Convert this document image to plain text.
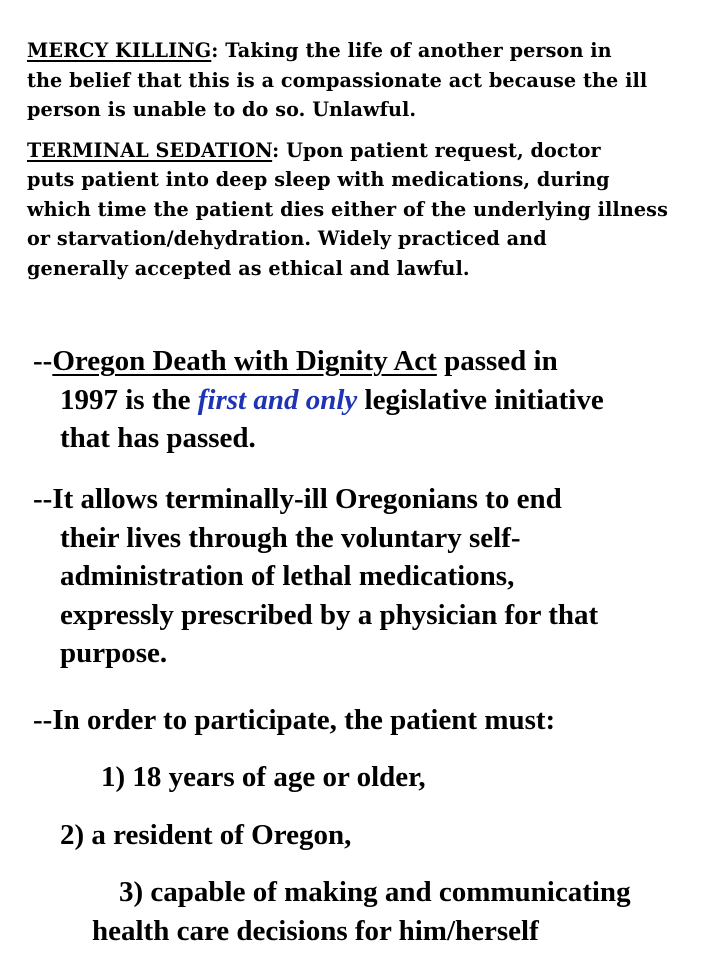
MERCY KILLING: Taking the life of another person in
the belief that this is a compassionate act because the ill
person is unable to do so. Unlawful.

TERMINAL SEDATION: Upon patient request, doctor
puts patient into deep sleep with medications, during
which time the patient dies either of the underlying illness
or starvation/dehydration. Widely practiced and
generally accepted as ethical and lawful.

--Oregon Death with Dignity Act passed in
1997 is the first and only legislative initiative
that has passed.
--It allows terminally-ill Oregonians to end
their lives through the voluntary self-
administration of lethal medications,
expressly prescribed by a physician for that
purpose.
--In order to participate, the patient must:
1) 18 years of age or older,
2) a resident of Oregon,
3) capable of making and communicating
health care decisions for him/herself
